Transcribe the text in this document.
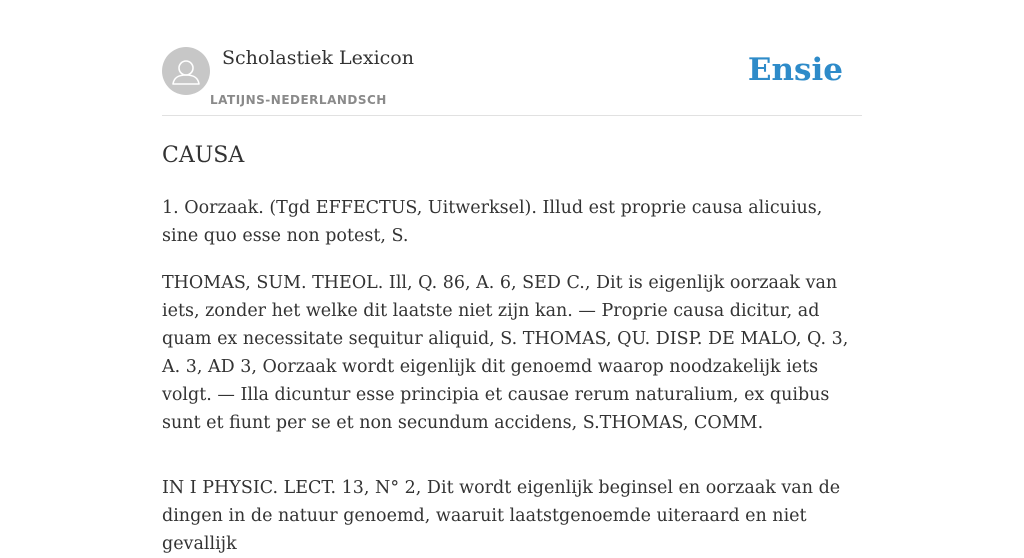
Scholastiek Lexicon
LATIJNS-NEDERLANDSCH
Ensie
CAUSA

1. Oorzaak. (Tgd EFFECTUS, Uitwerksel). Illud est proprie causa alicuius, sine quo esse non potest, S.

THOMAS, SUM. THEOL. Ill, Q. 86, A. 6, SED C., Dit is eigenlijk oorzaak van iets, zonder het welke dit laatste niet zijn kan. — Proprie causa dicitur, ad quam ex necessitate sequitur aliquid, S. THOMAS, QU. DISP. DE MALO, Q. 3, A. 3, AD 3, Oorzaak wordt eigenlijk dit genoemd waarop noodzakelijk iets volgt. — Illa dicuntur esse principia et causae rerum naturalium, ex quibus sunt et fiunt per se et non secundum accidens, S.THOMAS, COMM.

IN I PHYSIC. LECT. 13, N° 2, Dit wordt eigenlijk beginsel en oorzaak van de dingen in de natuur genoemd, waaruit laatstgenoemde uiteraard en niet gevallijk
